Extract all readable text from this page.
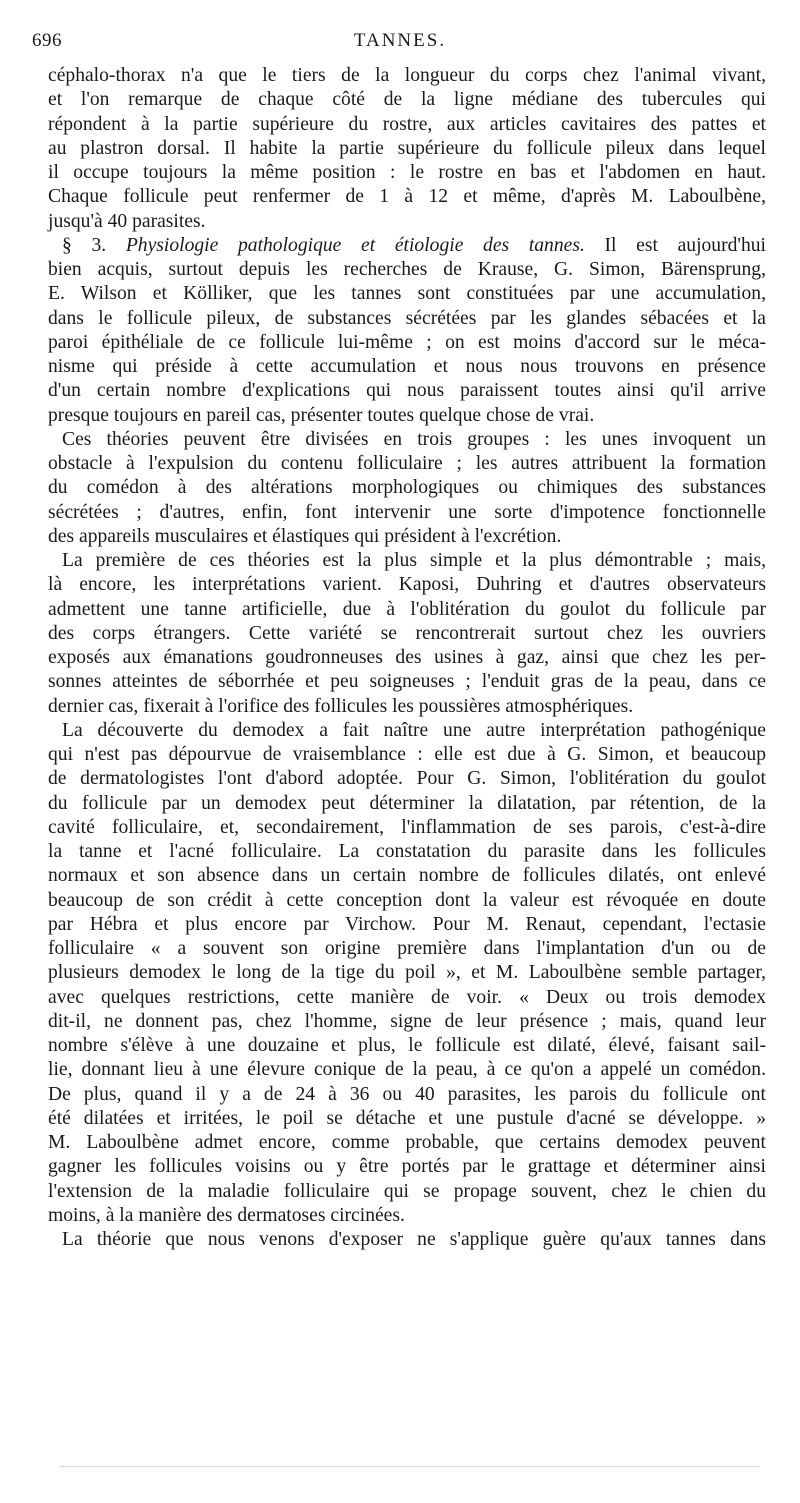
696	TANNES.
céphalo-thorax n'a que le tiers de la longueur du corps chez l'animal vivant,
et l'on remarque de chaque côté de la ligne médiane des tubercules qui
répondent à la partie supérieure du rostre, aux articles cavitaires des pattes et
au plastron dorsal. Il habite la partie supérieure du follicule pileux dans lequel
il occupe toujours la même position : le rostre en bas et l'abdomen en haut.
Chaque follicule peut renfermer de 1 à 12 et même, d'après M. Laboulbène,
jusqu'à 40 parasites.
§ 3. Physiologie pathologique et étiologie des tannes. Il est aujourd'hui
bien acquis, surtout depuis les recherches de Krause, G. Simon, Bärensprung,
E. Wilson et Kölliker, que les tannes sont constituées par une accumulation,
dans le follicule pileux, de substances sécrétées par les glandes sébacées et la
paroi épithéliale de ce follicule lui-même ; on est moins d'accord sur le méca-
nisme qui préside à cette accumulation et nous nous trouvons en présence
d'un certain nombre d'explications qui nous paraissent toutes ainsi qu'il arrive
presque toujours en pareil cas, présenter toutes quelque chose de vrai.
Ces théories peuvent être divisées en trois groupes : les unes invoquent un
obstacle à l'expulsion du contenu folliculaire ; les autres attribuent la formation
du comédon à des altérations morphologiques ou chimiques des substances
sécrétées ; d'autres, enfin, font intervenir une sorte d'impotence fonctionnelle
des appareils musculaires et élastiques qui président à l'excrétion.
La première de ces théories est la plus simple et la plus démontrable ; mais,
là encore, les interprétations varient. Kaposi, Duhring et d'autres observateurs
admettent une tanne artificielle, due à l'oblitération du goulot du follicule par
des corps étrangers. Cette variété se rencontrerait surtout chez les ouvriers
exposés aux émanations goudronneuses des usines à gaz, ainsi que chez les per-
sonnes atteintes de séborrhée et peu soigneuses ; l'enduit gras de la peau, dans ce
dernier cas, fixerait à l'orifice des follicules les poussières atmosphériques.
La découverte du demodex a fait naître une autre interprétation pathogénique
qui n'est pas dépourvue de vraisemblance : elle est due à G. Simon, et beaucoup
de dermatologistes l'ont d'abord adoptée. Pour G. Simon, l'oblitération du goulot
du follicule par un demodex peut déterminer la dilatation, par rétention, de la
cavité folliculaire, et, secondairement, l'inflammation de ses parois, c'est-à-dire
la tanne et l'acné folliculaire. La constatation du parasite dans les follicules
normaux et son absence dans un certain nombre de follicules dilatés, ont enlevé
beaucoup de son crédit à cette conception dont la valeur est révoquée en doute
par Hébra et plus encore par Virchow. Pour M. Renaut, cependant, l'ectasie
folliculaire « a souvent son origine première dans l'implantation d'un ou de
plusieurs demodex le long de la tige du poil », et M. Laboulbène semble partager,
avec quelques restrictions, cette manière de voir. « Deux ou trois demodex
dit-il, ne donnent pas, chez l'homme, signe de leur présence ; mais, quand leur
nombre s'élève à une douzaine et plus, le follicule est dilaté, élevé, faisant sail-
lie, donnant lieu à une élevure conique de la peau, à ce qu'on a appelé un comédon.
De plus, quand il y a de 24 à 36 ou 40 parasites, les parois du follicule ont
été dilatées et irritées, le poil se détache et une pustule d'acné se développe. »
M. Laboulbène admet encore, comme probable, que certains demodex peuvent
gagner les follicules voisins ou y être portés par le grattage et déterminer ainsi
l'extension de la maladie folliculaire qui se propage souvent, chez le chien du
moins, à la manière des dermatoses circinées.
La théorie que nous venons d'exposer ne s'applique guère qu'aux tannes dans
